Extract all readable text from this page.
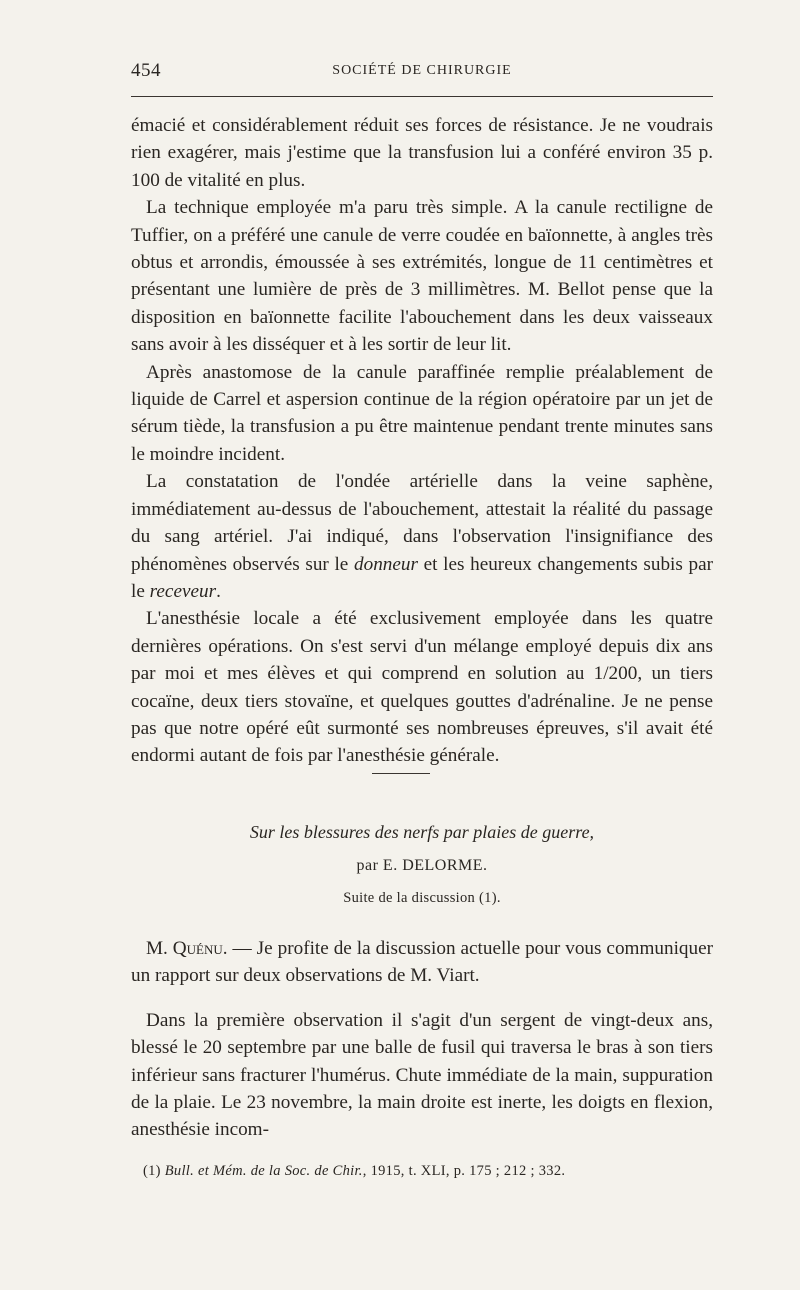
454	SOCIÉTÉ DE CHIRURGIE

émacié et considérablement réduit ses forces de résistance. Je ne voudrais rien exagérer, mais j'estime que la transfusion lui a conféré environ 35 p. 100 de vitalité en plus.

La technique employée m'a paru très simple. A la canule rectiligne de Tuffier, on a préféré une canule de verre coudée en baïonnette, à angles très obtus et arrondis, émoussée à ses extrémités, longue de 11 centimètres et présentant une lumière de près de 3 millimètres. M. Bellot pense que la disposition en baïonnette facilite l'abouchement dans les deux vaisseaux sans avoir à les disséquer et à les sortir de leur lit.

Après anastomose de la canule paraffinée remplie préalablement de liquide de Carrel et aspersion continue de la région opératoire par un jet de sérum tiède, la transfusion a pu être maintenue pendant trente minutes sans le moindre incident.

La constatation de l'ondée artérielle dans la veine saphène, immédiatement au-dessus de l'abouchement, attestait la réalité du passage du sang artériel. J'ai indiqué, dans l'observation l'insignifiance des phénomènes observés sur le donneur et les heureux changements subis par le receveur.

L'anesthésie locale a été exclusivement employée dans les quatre dernières opérations. On s'est servi d'un mélange employé depuis dix ans par moi et mes élèves et qui comprend en solution au 1/200, un tiers cocaïne, deux tiers stovaïne, et quelques gouttes d'adrénaline. Je ne pense pas que notre opéré eût surmonté ses nombreuses épreuves, s'il avait été endormi autant de fois par l'anesthésie générale.

Sur les blessures des nerfs par plaies de guerre,
par E. DELORME.
Suite de la discussion (1).

M. Quénu. — Je profite de la discussion actuelle pour vous communiquer un rapport sur deux observations de M. Viart.

Dans la première observation il s'agit d'un sergent de vingt-deux ans, blessé le 20 septembre par une balle de fusil qui traversa le bras à son tiers inférieur sans fracturer l'humérus. Chute immédiate de la main, suppuration de la plaie. Le 23 novembre, la main droite est inerte, les doigts en flexion, anesthésie incom-

(1) Bull. et Mém. de la Soc. de Chir., 1915, t. XLI, p. 175 ; 212 ; 332.
